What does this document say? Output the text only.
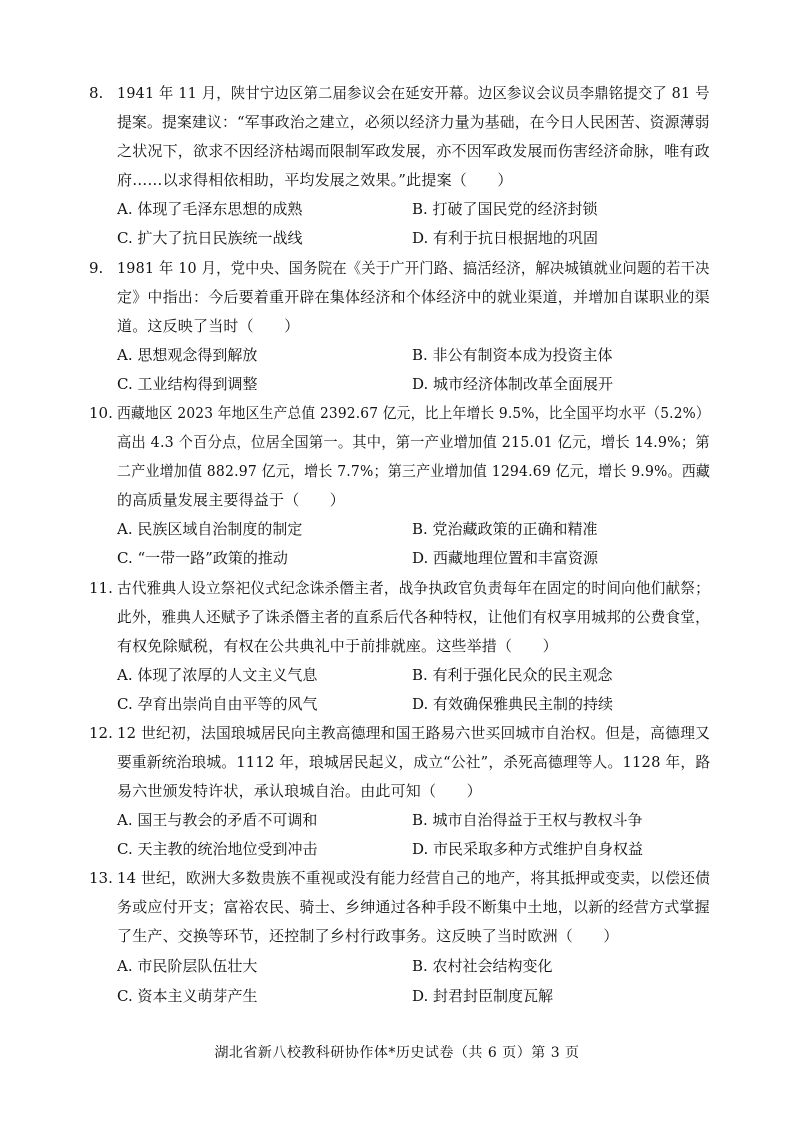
8. 1941 年 11 月，陕甘宁边区第二届参议会在延安开幕。边区参议会议员李鼎铭提交了 81 号
提案。提案建议：“军事政治之建立，必须以经济力量为基础，在今日人民困苦、资源薄弱
之状况下，欲求不因经济枯竭而限制军政发展，亦不因军政发展而伤害经济命脉，唯有政
府……以求得相依相助，平均发展之效果。”此提案（　　）
A. 体现了毛泽东思想的成熟	B. 打破了国民党的经济封锁
C. 扩大了抗日民族统一战线	D. 有利于抗日根据地的巩固
9. 1981 年 10 月，党中央、国务院在《关于广开门路、搞活经济，解决城镇就业问题的若干决
定》中指出：今后要着重开辟在集体经济和个体经济中的就业渠道，并增加自谋职业的渠
道。这反映了当时（　　）
A. 思想观念得到解放	B. 非公有制资本成为投资主体
C. 工业结构得到调整	D. 城市经济体制改革全面展开
10. 西藏地区 2023 年地区生产总值 2392.67 亿元，比上年增长 9.5%，比全国平均水平（5.2%）
高出 4.3 个百分点，位居全国第一。其中，第一产业增加值 215.01 亿元，增长 14.9%；第
二产业增加值 882.97 亿元，增长 7.7%；第三产业增加值 1294.69 亿元，增长 9.9%。西藏
的高质量发展主要得益于（　　）
A. 民族区域自治制度的制定	B. 党治藏政策的正确和精准
C. “一带一路”政策的推动	D. 西藏地理位置和丰富资源
11. 古代雅典人设立祭祀仪式纪念诛杀僭主者，战争执政官负责每年在固定的时间向他们献祭；
此外，雅典人还赋予了诛杀僭主者的直系后代各种特权，让他们有权享用城邦的公费食堂，
有权免除赋税，有权在公共典礼中于前排就座。这些举措（　　）
A. 体现了浓厚的人文主义气息	B. 有利于强化民众的民主观念
C. 孕育出崇尚自由平等的风气	D. 有效确保雅典民主制的持续
12. 12 世纪初，法国琅城居民向主教高德理和国王路易六世买回城市自治权。但是，高德理又
要重新统治琅城。1112 年，琅城居民起义，成立“公社”，杀死高德理等人。1128 年，路
易六世颁发特许状，承认琅城自治。由此可知（　　）
A. 国王与教会的矛盾不可调和	B. 城市自治得益于王权与教权斗争
C. 天主教的统治地位受到冲击	D. 市民采取多种方式维护自身权益
13. 14 世纪，欧洲大多数贵族不重视或没有能力经营自己的地产，将其抵押或变卖，以偿还债
务或应付开支；富裕农民、骑士、乡绅通过各种手段不断集中土地，以新的经营方式掌握
了生产、交换等环节，还控制了乡村行政事务。这反映了当时欧洲（　　）
A. 市民阶层队伍壮大	B. 农村社会结构变化
C. 资本主义萌芽产生	D. 封君封臣制度瓦解
湖北省新八校教科研协作体*历史试卷（共 6 页）第 3 页
